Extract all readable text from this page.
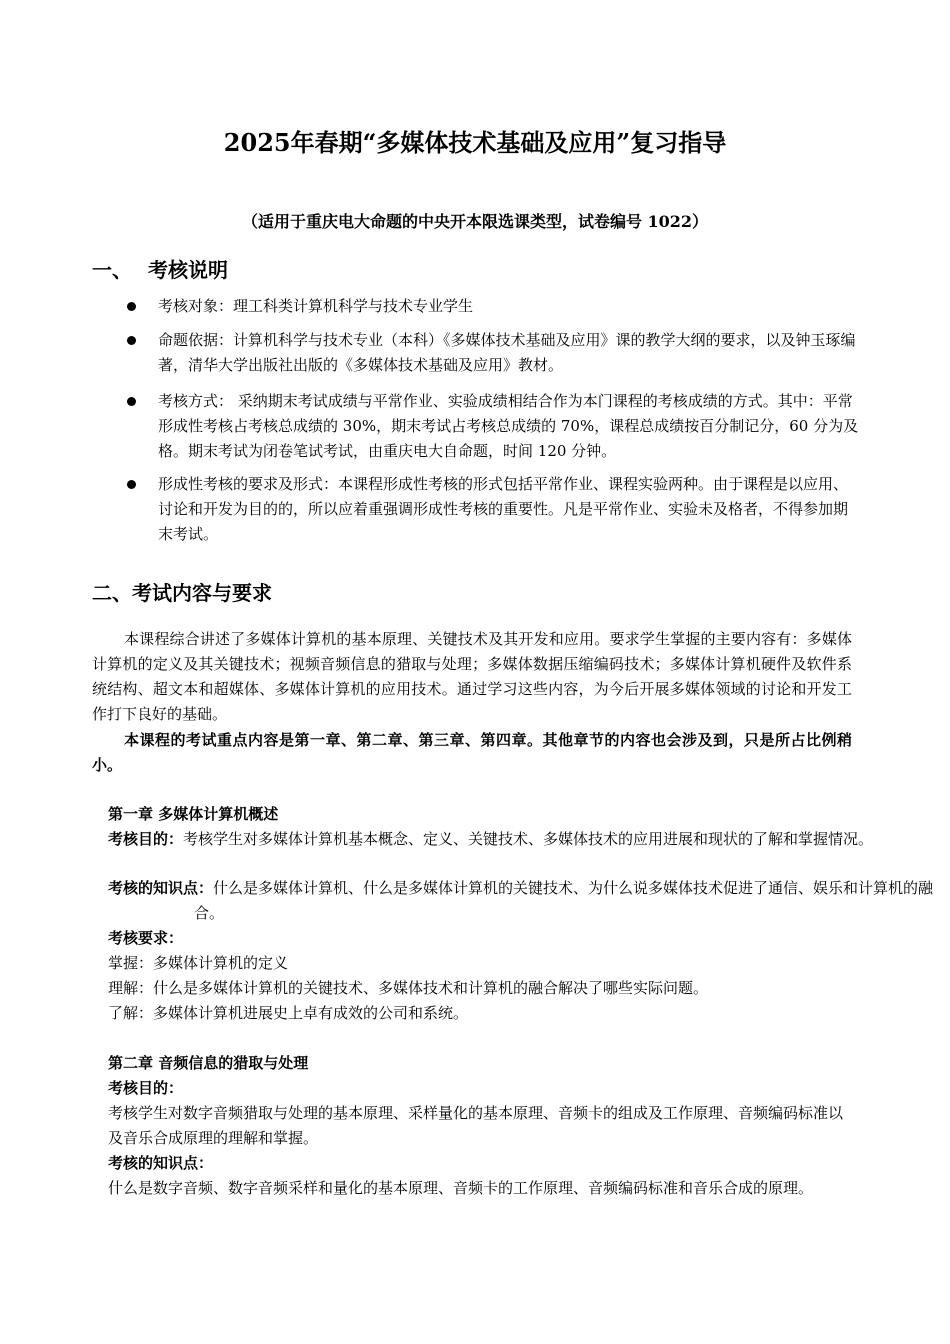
2025年春期“多媒体技术基础及应用”复习指导
（适用于重庆电大命题的中央开本限选课类型，试卷编号 1022）
一、 考核说明
考核对象：理工科类计算机科学与技术专业学生
命题依据：计算机科学与技术专业（本科）《多媒体技术基础及应用》课的教学大纲的要求，以及钟玉琢编著，清华大学出版社出版的《多媒体技术基础及应用》教材。
考核方式： 采纳期末考试成绩与平常作业、实验成绩相结合作为本门课程的考核成绩的方式。其中：平常形成性考核占考核总成绩的 30%，期末考试占考核总成绩的 70%，课程总成绩按百分制记分，60 分为及格。期末考试为闭卷笔试考试，由重庆电大自命题，时间 120 分钟。
形成性考核的要求及形式：本课程形成性考核的形式包括平常作业、课程实验两种。由于课程是以应用、讨论和开发为目的的，所以应着重强调形成性考核的重要性。凡是平常作业、实验未及格者，不得参加期末考试。
二、考试内容与要求

本课程综合讲述了多媒体计算机的基本原理、关键技术及其开发和应用。要求学生掌握的主要内容有：多媒体计算机的定义及其关键技术；视频音频信息的猎取与处理；多媒体数据压缩编码技术；多媒体计算机硬件及软件系统结构、超文本和超媒体、多媒体计算机的应用技术。通过学习这些内容，为今后开展多媒体领域的讨论和开发工作打下良好的基础。

本课程的考试重点内容是第一章、第二章、第三章、第四章。其他章节的内容也会涉及到，只是所占比例稍小。

第一章 多媒体计算机概述

考核目的：考核学生对多媒体计算机基本概念、定义、关键技术、多媒体技术的应用进展和现状的了解和掌握情况。

考核的知识点：什么是多媒体计算机、什么是多媒体计算机的关键技术、为什么说多媒体技术促进了通信、娱乐和计算机的融合。

考核要求：

掌握：多媒体计算机的定义

理解：什么是多媒体计算机的关键技术、多媒体技术和计算机的融合解决了哪些实际问题。

了解：多媒体计算机进展史上卓有成效的公司和系统。

第二章 音频信息的猎取与处理
考核目的：

考核学生对数字音频猎取与处理的基本原理、采样量化的基本原理、音频卡的组成及工作原理、音频编码标准以及音乐合成原理的理解和掌握。

考核的知识点：

什么是数字音频、数字音频采样和量化的基本原理、音频卡的工作原理、音频编码标准和音乐合成的原理。
